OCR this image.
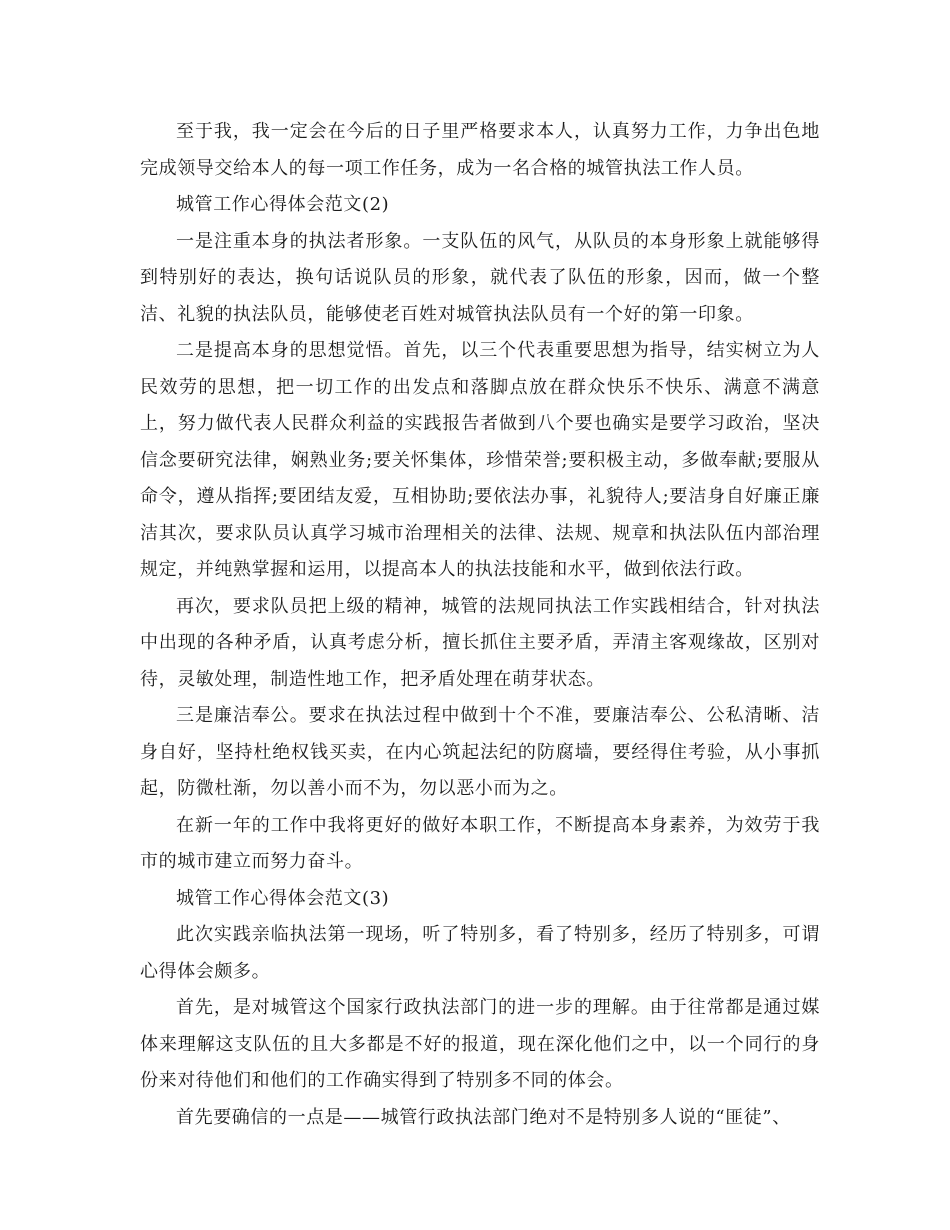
至于我，我一定会在今后的日子里严格要求本人，认真努力工作，力争出色地完成领导交给本人的每一项工作任务，成为一名合格的城管执法工作人员。

城管工作心得体会范文(2)

一是注重本身的执法者形象。一支队伍的风气，从队员的本身形象上就能够得到特别好的表达，换句话说队员的形象，就代表了队伍的形象，因而，做一个整洁、礼貌的执法队员，能够使老百姓对城管执法队员有一个好的第一印象。

二是提高本身的思想觉悟。首先，以三个代表重要思想为指导，结实树立为人民效劳的思想，把一切工作的出发点和落脚点放在群众快乐不快乐、满意不满意上，努力做代表人民群众利益的实践报告者做到八个要也确实是要学习政治，坚决信念要研究法律，娴熟业务;要关怀集体，珍惜荣誉;要积极主动，多做奉献;要服从命令，遵从指挥;要团结友爱，互相协助;要依法办事，礼貌待人;要洁身自好廉正廉洁其次，要求队员认真学习城市治理相关的法律、法规、规章和执法队伍内部治理规定，并纯熟掌握和运用，以提高本人的执法技能和水平，做到依法行政。

再次，要求队员把上级的精神，城管的法规同执法工作实践相结合，针对执法中出现的各种矛盾，认真考虑分析，擅长抓住主要矛盾，弄清主客观缘故，区别对待，灵敏处理，制造性地工作，把矛盾处理在萌芽状态。

三是廉洁奉公。要求在执法过程中做到十个不准，要廉洁奉公、公私清晰、洁身自好，坚持杜绝权钱买卖，在内心筑起法纪的防腐墙，要经得住考验，从小事抓起，防微杜渐，勿以善小而不为，勿以恶小而为之。

在新一年的工作中我将更好的做好本职工作，不断提高本身素养，为效劳于我市的城市建立而努力奋斗。

城管工作心得体会范文(3)

此次实践亲临执法第一现场，听了特别多，看了特别多，经历了特别多，可谓心得体会颇多。

首先，是对城管这个国家行政执法部门的进一步的理解。由于往常都是通过媒体来理解这支队伍的且大多都是不好的报道，现在深化他们之中，以一个同行的身份来对待他们和他们的工作确实得到了特别多不同的体会。

首先要确信的一点是——城管行政执法部门绝对不是特别多人说的“匪徒”、
